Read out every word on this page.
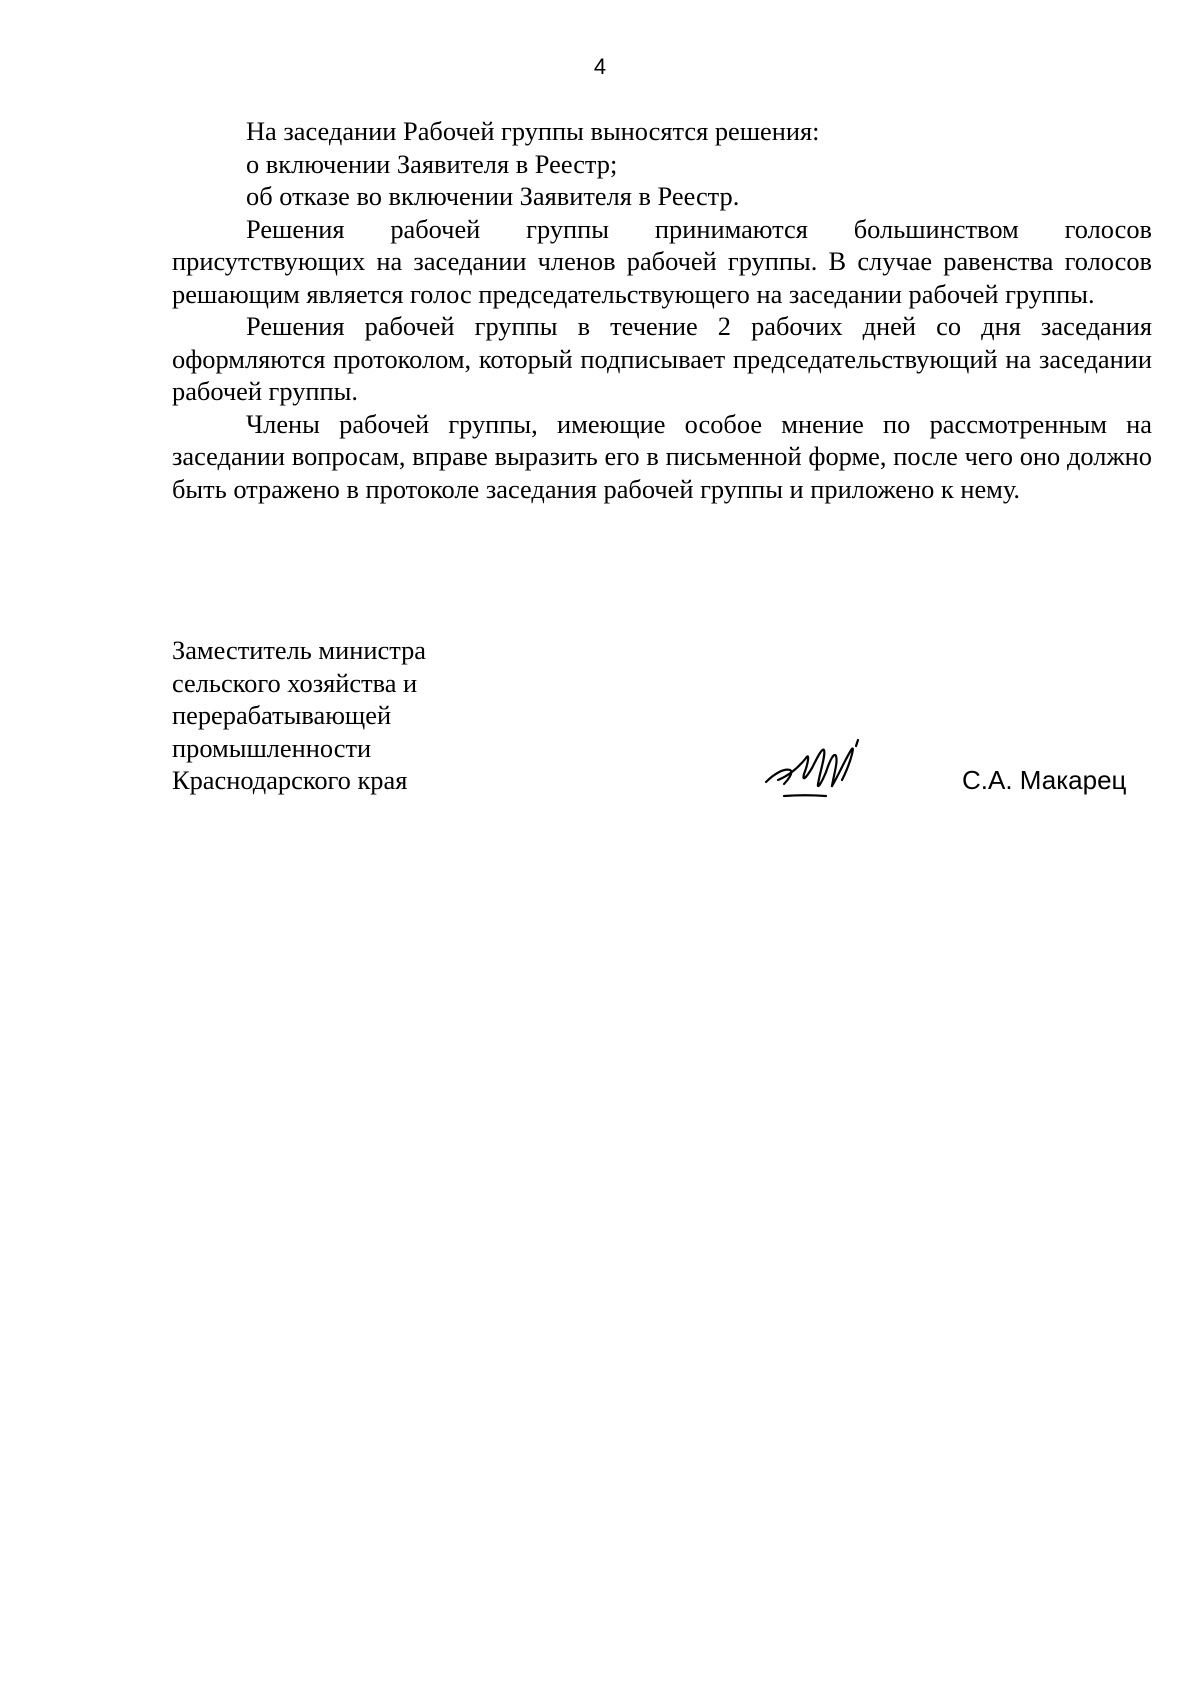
4

На заседании Рабочей группы выносятся решения:

о включении Заявителя в Реестр;

об отказе во включении Заявителя в Реестр.

Решения рабочей группы принимаются большинством голосов присутствующих на заседании членов рабочей группы. В случае равенства голосов решающим является голос председательствующего на заседании рабочей группы.

Решения рабочей группы в течение 2 рабочих дней со дня заседания оформляются протоколом, который подписывает председательствующий на заседании рабочей группы.

Члены рабочей группы, имеющие особое мнение по рассмотренным на заседании вопросам, вправе выразить его в письменной форме, после чего оно должно быть отражено в протоколе заседания рабочей группы и приложено к нему.

Заместитель министра
сельского хозяйства и
перерабатывающей
промышленности
Краснодарского края	С.А. Макарец
